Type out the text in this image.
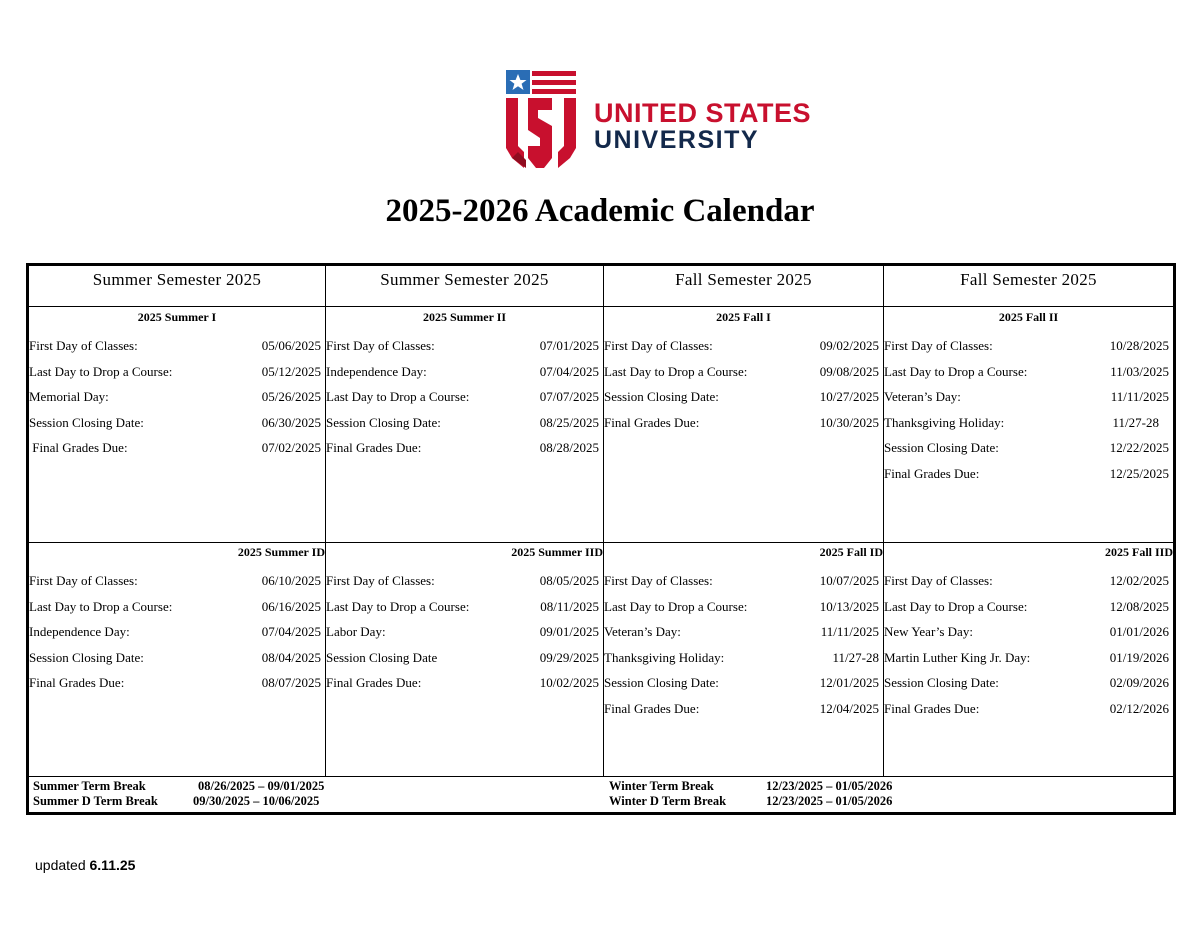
UNITED STATES
UNIVERSITY
2025-2026 Academic Calendar
Summer Semester 2025
2025 Summer I
First Day of Classes:	05/06/2025
Last Day to Drop a Course:	05/12/2025
Memorial Day:	05/26/2025
Session Closing Date:	06/30/2025
Final Grades Due:	07/02/2025
2025 Summer ID
First Day of Classes:	06/10/2025
Last Day to Drop a Course:	06/16/2025
Independence Day:	07/04/2025
Session Closing Date:	08/04/2025
Final Grades Due:	08/07/2025
Summer Semester 2025
2025 Summer II
First Day of Classes:	07/01/2025
Independence Day:	07/04/2025
Last Day to Drop a Course:	07/07/2025
Session Closing Date:	08/25/2025
Final Grades Due:	08/28/2025
2025 Summer IID
First Day of Classes:	08/05/2025
Last Day to Drop a Course:	08/11/2025
Labor Day:	09/01/2025
Session Closing Date	09/29/2025
Final Grades Due:	10/02/2025
Fall Semester 2025
2025 Fall I
First Day of Classes:	09/02/2025
Last Day to Drop a Course:	09/08/2025
Session Closing Date:	10/27/2025
Final Grades Due:	10/30/2025
2025 Fall ID
First Day of Classes:	10/07/2025
Last Day to Drop a Course:	10/13/2025
Veteran’s Day:	11/11/2025
Thanksgiving Holiday:	11/27-28
Session Closing Date:	12/01/2025
Final Grades Due:	12/04/2025
Fall Semester 2025
2025 Fall II
First Day of Classes:	10/28/2025
Last Day to Drop a Course:	11/03/2025
Veteran’s Day:	11/11/2025
Thanksgiving Holiday:	11/27-28
Session Closing Date:	12/22/2025
Final Grades Due:	12/25/2025
2025 Fall IID
First Day of Classes:	12/02/2025
Last Day to Drop a Course:	12/08/2025
New Year’s Day:	01/01/2026
Martin Luther King Jr. Day:	01/19/2026
Session Closing Date:	02/09/2026
Final Grades Due:	02/12/2026
Summer Term Break	08/26/2025 – 09/01/2025
Summer D Term Break	09/30/2025 – 10/06/2025
Winter Term Break	12/23/2025 – 01/05/2026
Winter D Term Break	12/23/2025 – 01/05/2026
updated 6.11.25
